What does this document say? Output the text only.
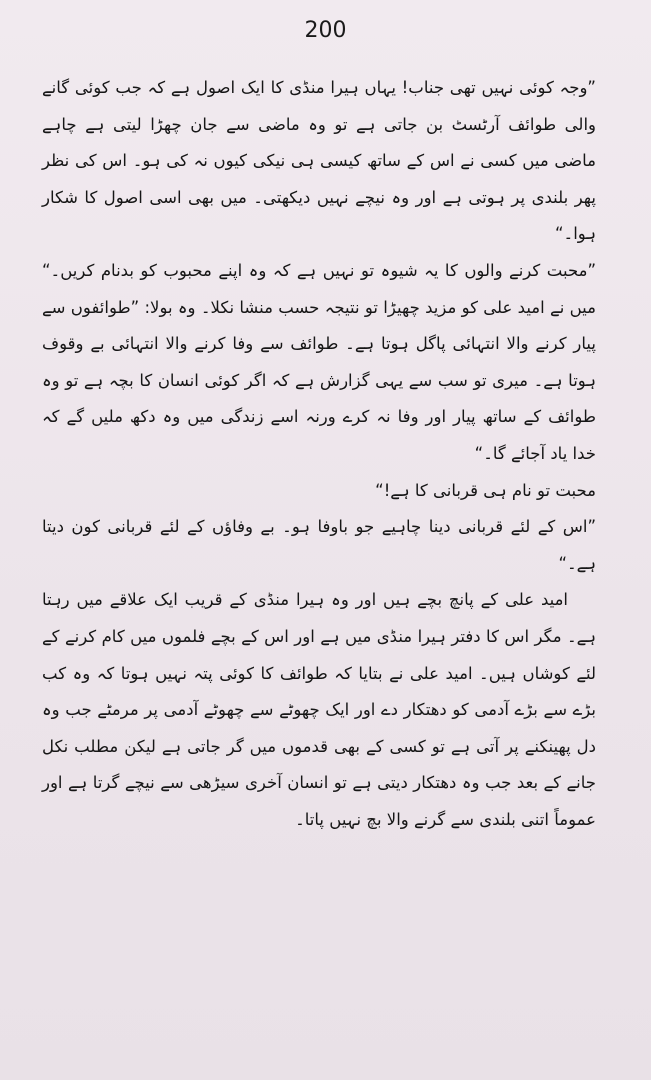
200

”وجہ کوئی نہیں تھی جناب! یہاں ہیرا منڈی کا ایک اصول ہے کہ جب کوئی گانے والی طوائف آرٹسٹ بن جاتی ہے تو وہ ماضی سے جان چھڑا لیتی ہے چاہے ماضی میں کسی نے اس کے ساتھ کیسی ہی نیکی کیوں نہ کی ہو۔ اس کی نظر پھر بلندی پر ہوتی ہے اور وہ نیچے نہیں دیکھتی۔ میں بھی اسی اصول کا شکار ہوا۔“

”محبت کرنے والوں کا یہ شیوہ تو نہیں ہے کہ وہ اپنے محبوب کو بدنام کریں۔“ میں نے امید علی کو مزید چھیڑا تو نتیجہ حسب منشا نکلا۔ وہ بولا: ”طوائفوں سے پیار کرنے والا انتہائی پاگل ہوتا ہے۔ طوائف سے وفا کرنے والا انتہائی بے وقوف ہوتا ہے۔ میری تو سب سے یہی گزارش ہے کہ اگر کوئی انسان کا بچہ ہے تو وہ طوائف کے ساتھ پیار اور وفا نہ کرے ورنہ اسے زندگی میں وہ دکھ ملیں گے کہ خدا یاد آجائے گا۔“

محبت تو نام ہی قربانی کا ہے!“

”اس کے لئے قربانی دینا چاہیے جو باوفا ہو۔ بے وفاؤں کے لئے قربانی کون دیتا ہے۔“

امید علی کے پانچ بچے ہیں اور وہ ہیرا منڈی کے قریب ایک علاقے میں رہتا ہے۔ مگر اس کا دفتر ہیرا منڈی میں ہے اور اس کے بچے فلموں میں کام کرنے کے لئے کوشاں ہیں۔ امید علی نے بتایا کہ طوائف کا کوئی پتہ نہیں ہوتا کہ وہ کب بڑے سے بڑے آدمی کو دھتکار دے اور ایک چھوٹے سے چھوٹے آدمی پر مرمٹے جب وہ دل پھینکنے پر آتی ہے تو کسی کے بھی قدموں میں گر جاتی ہے لیکن مطلب نکل جانے کے بعد جب وہ دھتکار دیتی ہے تو انسان آخری سیڑھی سے نیچے گرتا ہے اور عموماً اتنی بلندی سے گرنے والا بچ نہیں پاتا۔
